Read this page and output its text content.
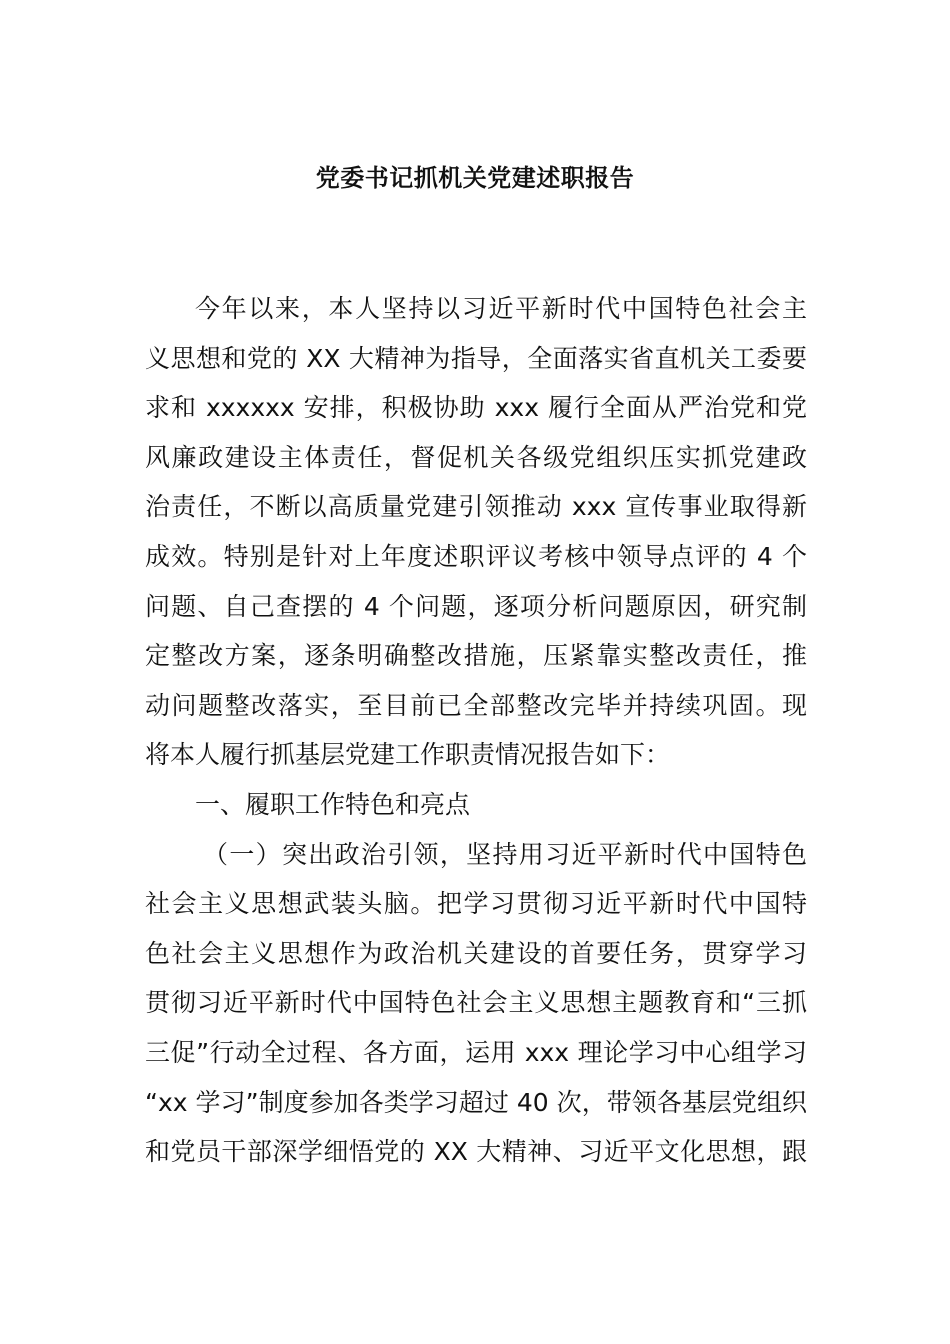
党委书记抓机关党建述职报告
今年以来，本人坚持以习近平新时代中国特色社会主
义思想和党的 XX 大精神为指导，全面落实省直机关工委要
求和 xxxxxx 安排，积极协助 xxx 履行全面从严治党和党
风廉政建设主体责任，督促机关各级党组织压实抓党建政
治责任，不断以高质量党建引领推动 xxx 宣传事业取得新
成效。特别是针对上年度述职评议考核中领导点评的 4 个
问题、自己查摆的 4 个问题，逐项分析问题原因，研究制
定整改方案，逐条明确整改措施，压紧靠实整改责任，推
动问题整改落实，至目前已全部整改完毕并持续巩固。现
将本人履行抓基层党建工作职责情况报告如下：
一、履职工作特色和亮点
（一）突出政治引领，坚持用习近平新时代中国特色
社会主义思想武装头脑。把学习贯彻习近平新时代中国特
色社会主义思想作为政治机关建设的首要任务，贯穿学习
贯彻习近平新时代中国特色社会主义思想主题教育和“三抓
三促”行动全过程、各方面，运用 xxx 理论学习中心组学习
“xx 学习”制度参加各类学习超过 40 次，带领各基层党组织
和党员干部深学细悟党的 XX 大精神、习近平文化思想，跟
